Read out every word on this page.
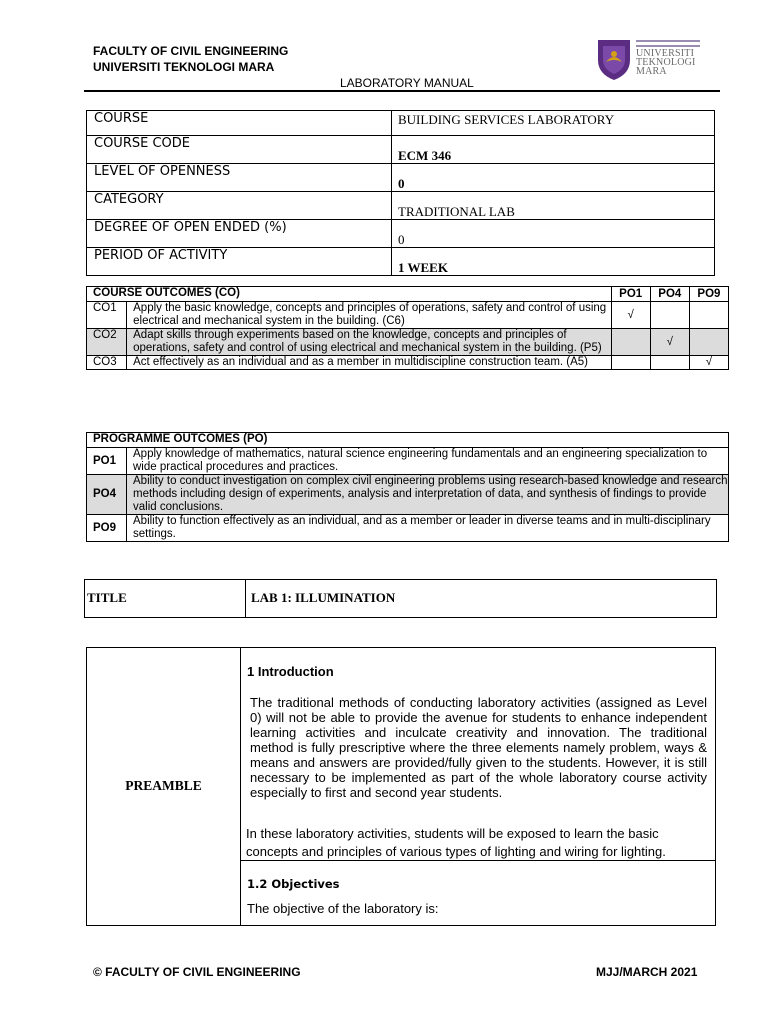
FACULTY OF CIVIL ENGINEERING
UNIVERSITI TEKNOLOGI MARA
LABORATORY MANUAL
UNIVERSITI
TEKNOLOGI
MARA
COURSE	BUILDING SERVICES LABORATORY
COURSE CODE	ECM 346
LEVEL OF OPENNESS	0
CATEGORY	TRADITIONAL LAB
DEGREE OF OPEN ENDED (%)	0
PERIOD OF ACTIVITY	1 WEEK
COURSE OUTCOMES (CO)		PO1	PO4	PO9
CO1	Apply the basic knowledge, concepts and principles of operations, safety and control of using electrical and mechanical system in the building. (C6)	√		
CO2	Adapt skills through experiments based on the knowledge, concepts and principles of operations, safety and control of using electrical and mechanical system in the building. (P5)		√	
CO3	Act effectively as an individual and as a member in multidiscipline construction team. (A5)			√
PROGRAMME OUTCOMES (PO)	
PO1	Apply knowledge of mathematics, natural science engineering fundamentals and an engineering specialization to wide practical procedures and practices.
PO4	Ability to conduct investigation on complex civil engineering problems using research-based knowledge and research methods including design of experiments, analysis and interpretation of data, and synthesis of findings to provide valid conclusions.
PO9	Ability to function effectively as an individual, and as a member or leader in diverse teams and in multi-disciplinary settings.
TITLE	LAB 1: ILLUMINATION
PREAMBLE
1 Introduction
The traditional methods of conducting laboratory activities (assigned as Level 0) will not be able to provide the avenue for students to enhance independent learning activities and inculcate creativity and innovation. The traditional method is fully prescriptive where the three elements namely problem, ways & means and answers are provided/fully given to the students. However, it is still necessary to be implemented as part of the whole laboratory course activity especially to first and second year students.
In these laboratory activities, students will be exposed to learn the basic concepts and principles of various types of lighting and wiring for lighting.
1.2 Objectives
The objective of the laboratory is:
© FACULTY OF CIVIL ENGINEERING	MJJ/MARCH 2021
